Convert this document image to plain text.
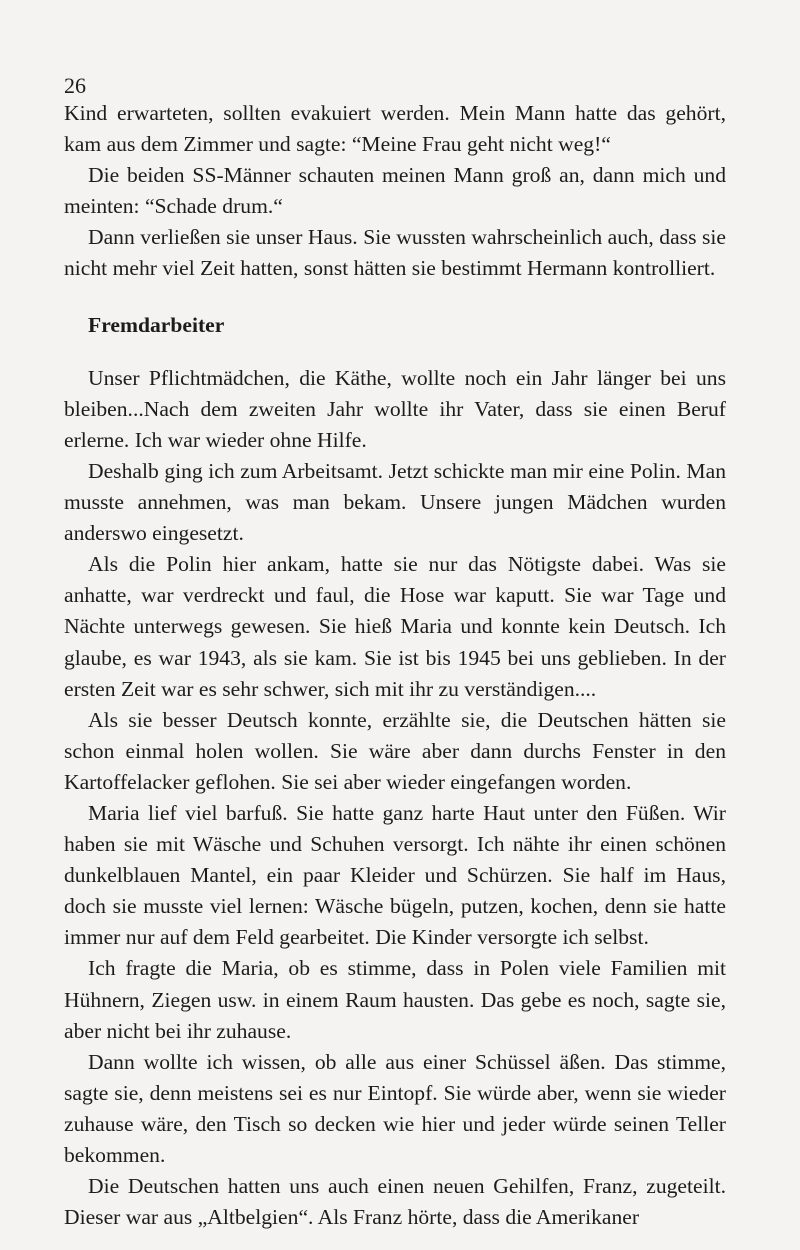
26

Kind erwarteten, sollten evakuiert werden. Mein Mann hatte das gehört, kam aus dem Zimmer und sagte: “Meine Frau geht nicht weg!“

Die beiden SS-Männer schauten meinen Mann groß an, dann mich und meinten: “Schade drum.“

Dann verließen sie unser Haus. Sie wussten wahrscheinlich auch, dass sie nicht mehr viel Zeit hatten, sonst hätten sie bestimmt Hermann kontrolliert.

Fremdarbeiter

Unser Pflichtmädchen, die Käthe, wollte noch ein Jahr länger bei uns bleiben...Nach dem zweiten Jahr wollte ihr Vater, dass sie einen Beruf erlerne. Ich war wieder ohne Hilfe.

Deshalb ging ich zum Arbeitsamt. Jetzt schickte man mir eine Polin. Man musste annehmen, was man bekam. Unsere jungen Mädchen wurden anderswo eingesetzt.

Als die Polin hier ankam, hatte sie nur das Nötigste dabei. Was sie anhatte, war verdreckt und faul, die Hose war kaputt. Sie war Tage und Nächte unterwegs gewesen. Sie hieß Maria und konnte kein Deutsch. Ich glaube, es war 1943, als sie kam. Sie ist bis 1945 bei uns geblieben. In der ersten Zeit war es sehr schwer, sich mit ihr zu verständigen....

Als sie besser Deutsch konnte, erzählte sie, die Deutschen hätten sie schon einmal holen wollen. Sie wäre aber dann durchs Fenster in den Kartoffelacker geflohen. Sie sei aber wieder eingefangen worden.

Maria lief viel barfuß. Sie hatte ganz harte Haut unter den Füßen. Wir haben sie mit Wäsche und Schuhen versorgt. Ich nähte ihr einen schönen dunkelblauen Mantel, ein paar Kleider und Schürzen. Sie half im Haus, doch sie musste viel lernen: Wäsche bügeln, putzen, kochen, denn sie hatte immer nur auf dem Feld gearbeitet. Die Kinder versorgte ich selbst.

Ich fragte die Maria, ob es stimme, dass in Polen viele Familien mit Hühnern, Ziegen usw. in einem Raum hausten. Das gebe es noch, sagte sie, aber nicht bei ihr zuhause.

Dann wollte ich wissen, ob alle aus einer Schüssel äßen. Das stimme, sagte sie, denn meistens sei es nur Eintopf. Sie würde aber, wenn sie wieder zuhause wäre, den Tisch so decken wie hier und jeder würde seinen Teller bekommen.

Die Deutschen hatten uns auch einen neuen Gehilfen, Franz, zugeteilt. Dieser war aus „Altbelgien“. Als Franz hörte, dass die Amerikaner
